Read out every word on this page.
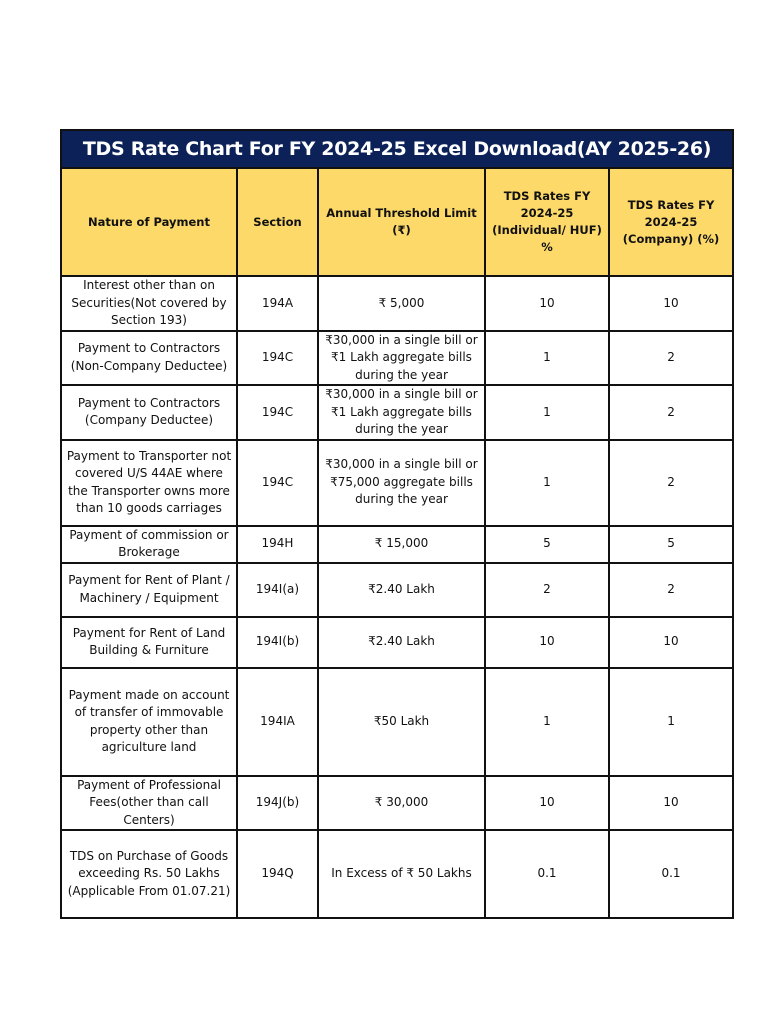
TDS Rate Chart For FY 2024-25 Excel Download(AY 2025-26)				
Nature of Payment	Section	Annual Threshold Limit (₹)	TDS Rates FY 2024-25 (Individual/ HUF) %	TDS Rates FY 2024-25 (Company) (%)
Interest other than on Securities(Not covered by Section 193)	194A	₹ 5,000	10	10
Payment to Contractors (Non-Company Deductee)	194C	₹30,000 in a single bill or ₹1 Lakh aggregate bills during the year	1	2
Payment to Contractors (Company Deductee)	194C	₹30,000 in a single bill or ₹1 Lakh aggregate bills during the year	1	2
Payment to Transporter not covered U/S 44AE where the Transporter owns more than 10 goods carriages	194C	₹30,000 in a single bill or ₹75,000 aggregate bills during the year	1	2
Payment of commission or Brokerage	194H	₹ 15,000	5	5
Payment for Rent of Plant / Machinery / Equipment	194I(a)	₹2.40 Lakh	2	2
Payment for Rent of Land Building & Furniture	194I(b)	₹2.40 Lakh	10	10
Payment made on account of transfer of immovable property other than agriculture land	194IA	₹50 Lakh	1	1
Payment of Professional Fees(other than call Centers)	194J(b)	₹ 30,000	10	10
TDS on Purchase of Goods exceeding Rs. 50 Lakhs (Applicable From 01.07.21)	194Q	In Excess of ₹ 50 Lakhs	0.1	0.1
